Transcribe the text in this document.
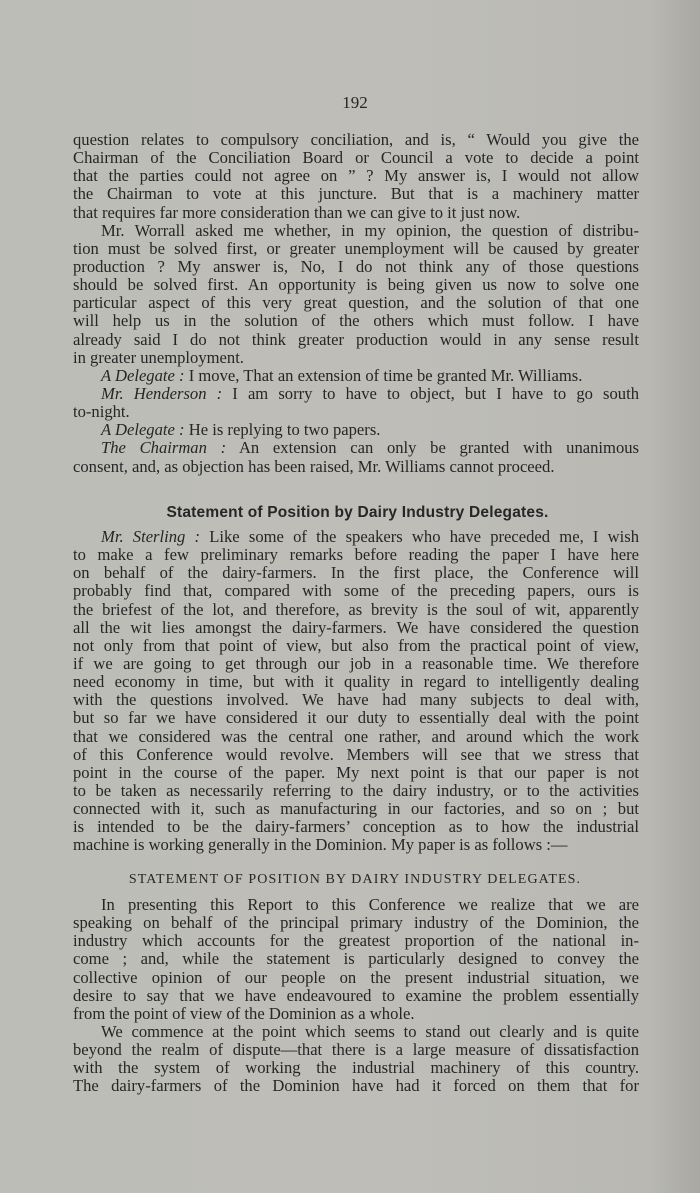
192
question relates to compulsory conciliation, and is, “ Would you give the
Chairman of the Conciliation Board or Council a vote to decide a point
that the parties could not agree on ” ? My answer is, I would not allow
the Chairman to vote at this juncture. But that is a machinery matter
that requires far more consideration than we can give to it just now.
Mr. Worrall asked me whether, in my opinion, the question of distribu-
tion must be solved first, or greater unemployment will be caused by greater
production ? My answer is, No, I do not think any of those questions
should be solved first. An opportunity is being given us now to solve one
particular aspect of this very great question, and the solution of that one
will help us in the solution of the others which must follow. I have
already said I do not think greater production would in any sense result
in greater unemployment.
A Delegate : I move, That an extension of time be granted Mr. Williams.
Mr. Henderson : I am sorry to have to object, but I have to go south
to-night.
A Delegate : He is replying to two papers.
The Chairman : An extension can only be granted with unanimous
consent, and, as objection has been raised, Mr. Williams cannot proceed.
Statement of Position by Dairy Industry Delegates.
Mr. Sterling : Like some of the speakers who have preceded me, I wish
to make a few preliminary remarks before reading the paper I have here
on behalf of the dairy-farmers. In the first place, the Conference will
probably find that, compared with some of the preceding papers, ours is
the briefest of the lot, and therefore, as brevity is the soul of wit, apparently
all the wit lies amongst the dairy-farmers. We have considered the question
not only from that point of view, but also from the practical point of view,
if we are going to get through our job in a reasonable time. We therefore
need economy in time, but with it quality in regard to intelligently dealing
with the questions involved. We have had many subjects to deal with,
but so far we have considered it our duty to essentially deal with the point
that we considered was the central one rather, and around which the work
of this Conference would revolve. Members will see that we stress that
point in the course of the paper. My next point is that our paper is not
to be taken as necessarily referring to the dairy industry, or to the activities
connected with it, such as manufacturing in our factories, and so on ; but
is intended to be the dairy-farmers’ conception as to how the industrial
machine is working generally in the Dominion. My paper is as follows :—
STATEMENT OF POSITION BY DAIRY INDUSTRY DELEGATES.
In presenting this Report to this Conference we realize that we are
speaking on behalf of the principal primary industry of the Dominion, the
industry which accounts for the greatest proportion of the national in-
come ; and, while the statement is particularly designed to convey the
collective opinion of our people on the present industrial situation, we
desire to say that we have endeavoured to examine the problem essentially
from the point of view of the Dominion as a whole.
We commence at the point which seems to stand out clearly and is quite
beyond the realm of dispute—that there is a large measure of dissatisfaction
with the system of working the industrial machinery of this country.
The dairy-farmers of the Dominion have had it forced on them that for
